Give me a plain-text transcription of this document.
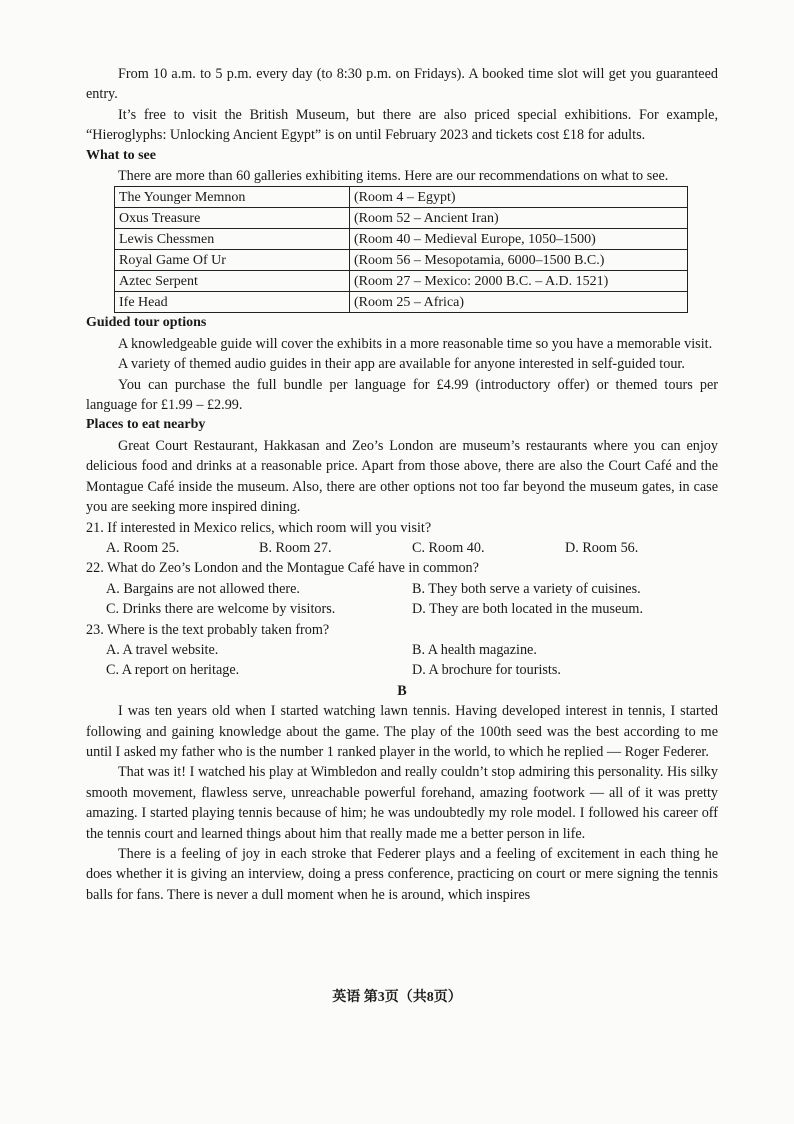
From 10 a.m. to 5 p.m. every day (to 8:30 p.m. on Fridays). A booked time slot will get you guaranteed entry.

It’s free to visit the British Museum, but there are also priced special exhibitions. For example, “Hieroglyphs: Unlocking Ancient Egypt” is on until February 2023 and tickets cost £18 for adults.

What to see

There are more than 60 galleries exhibiting items. Here are our recommendations on what to see.

The Younger Memnon	(Room 4 – Egypt)
Oxus Treasure	(Room 52 – Ancient Iran)
Lewis Chessmen	(Room 40 – Medieval Europe, 1050–1500)
Royal Game Of Ur	(Room 56 – Mesopotamia, 6000–1500 B.C.)
Aztec Serpent	(Room 27 – Mexico: 2000 B.C. – A.D. 1521)
Ife Head	(Room 25 – Africa)

Guided tour options

A knowledgeable guide will cover the exhibits in a more reasonable time so you have a memorable visit.

A variety of themed audio guides in their app are available for anyone interested in self-guided tour.

You can purchase the full bundle per language for £4.99 (introductory offer) or themed tours per language for £1.99 – £2.99.

Places to eat nearby

Great Court Restaurant, Hakkasan and Zeo’s London are museum’s restaurants where you can enjoy delicious food and drinks at a reasonable price. Apart from those above, there are also the Court Café and the Montague Café inside the museum. Also, there are other options not too far beyond the museum gates, in case you are seeking more inspired dining.

21. If interested in Mexico relics, which room will you visit?

A. Room 25.	B. Room 27.	C. Room 40.	D. Room 56.

22. What do Zeo’s London and the Montague Café have in common?

A. Bargains are not allowed there.	B. They both serve a variety of cuisines.
C. Drinks there are welcome by visitors.	D. They are both located in the museum.

23. Where is the text probably taken from?

A. A travel website.	B. A health magazine.
C. A report on heritage.	D. A brochure for tourists.

B

I was ten years old when I started watching lawn tennis. Having developed interest in tennis, I started following and gaining knowledge about the game. The play of the 100th seed was the best according to me until I asked my father who is the number 1 ranked player in the world, to which he replied — Roger Federer.

That was it! I watched his play at Wimbledon and really couldn’t stop admiring this personality. His silky smooth movement, flawless serve, unreachable powerful forehand, amazing footwork — all of it was pretty amazing. I started playing tennis because of him; he was undoubtedly my role model. I followed his career off the tennis court and learned things about him that really made me a better person in life.

There is a feeling of joy in each stroke that Federer plays and a feeling of excitement in each thing he does whether it is giving an interview, doing a press conference, practicing on court or mere signing the tennis balls for fans. There is never a dull moment when he is around, which inspires

英语 第3页（共8页）
